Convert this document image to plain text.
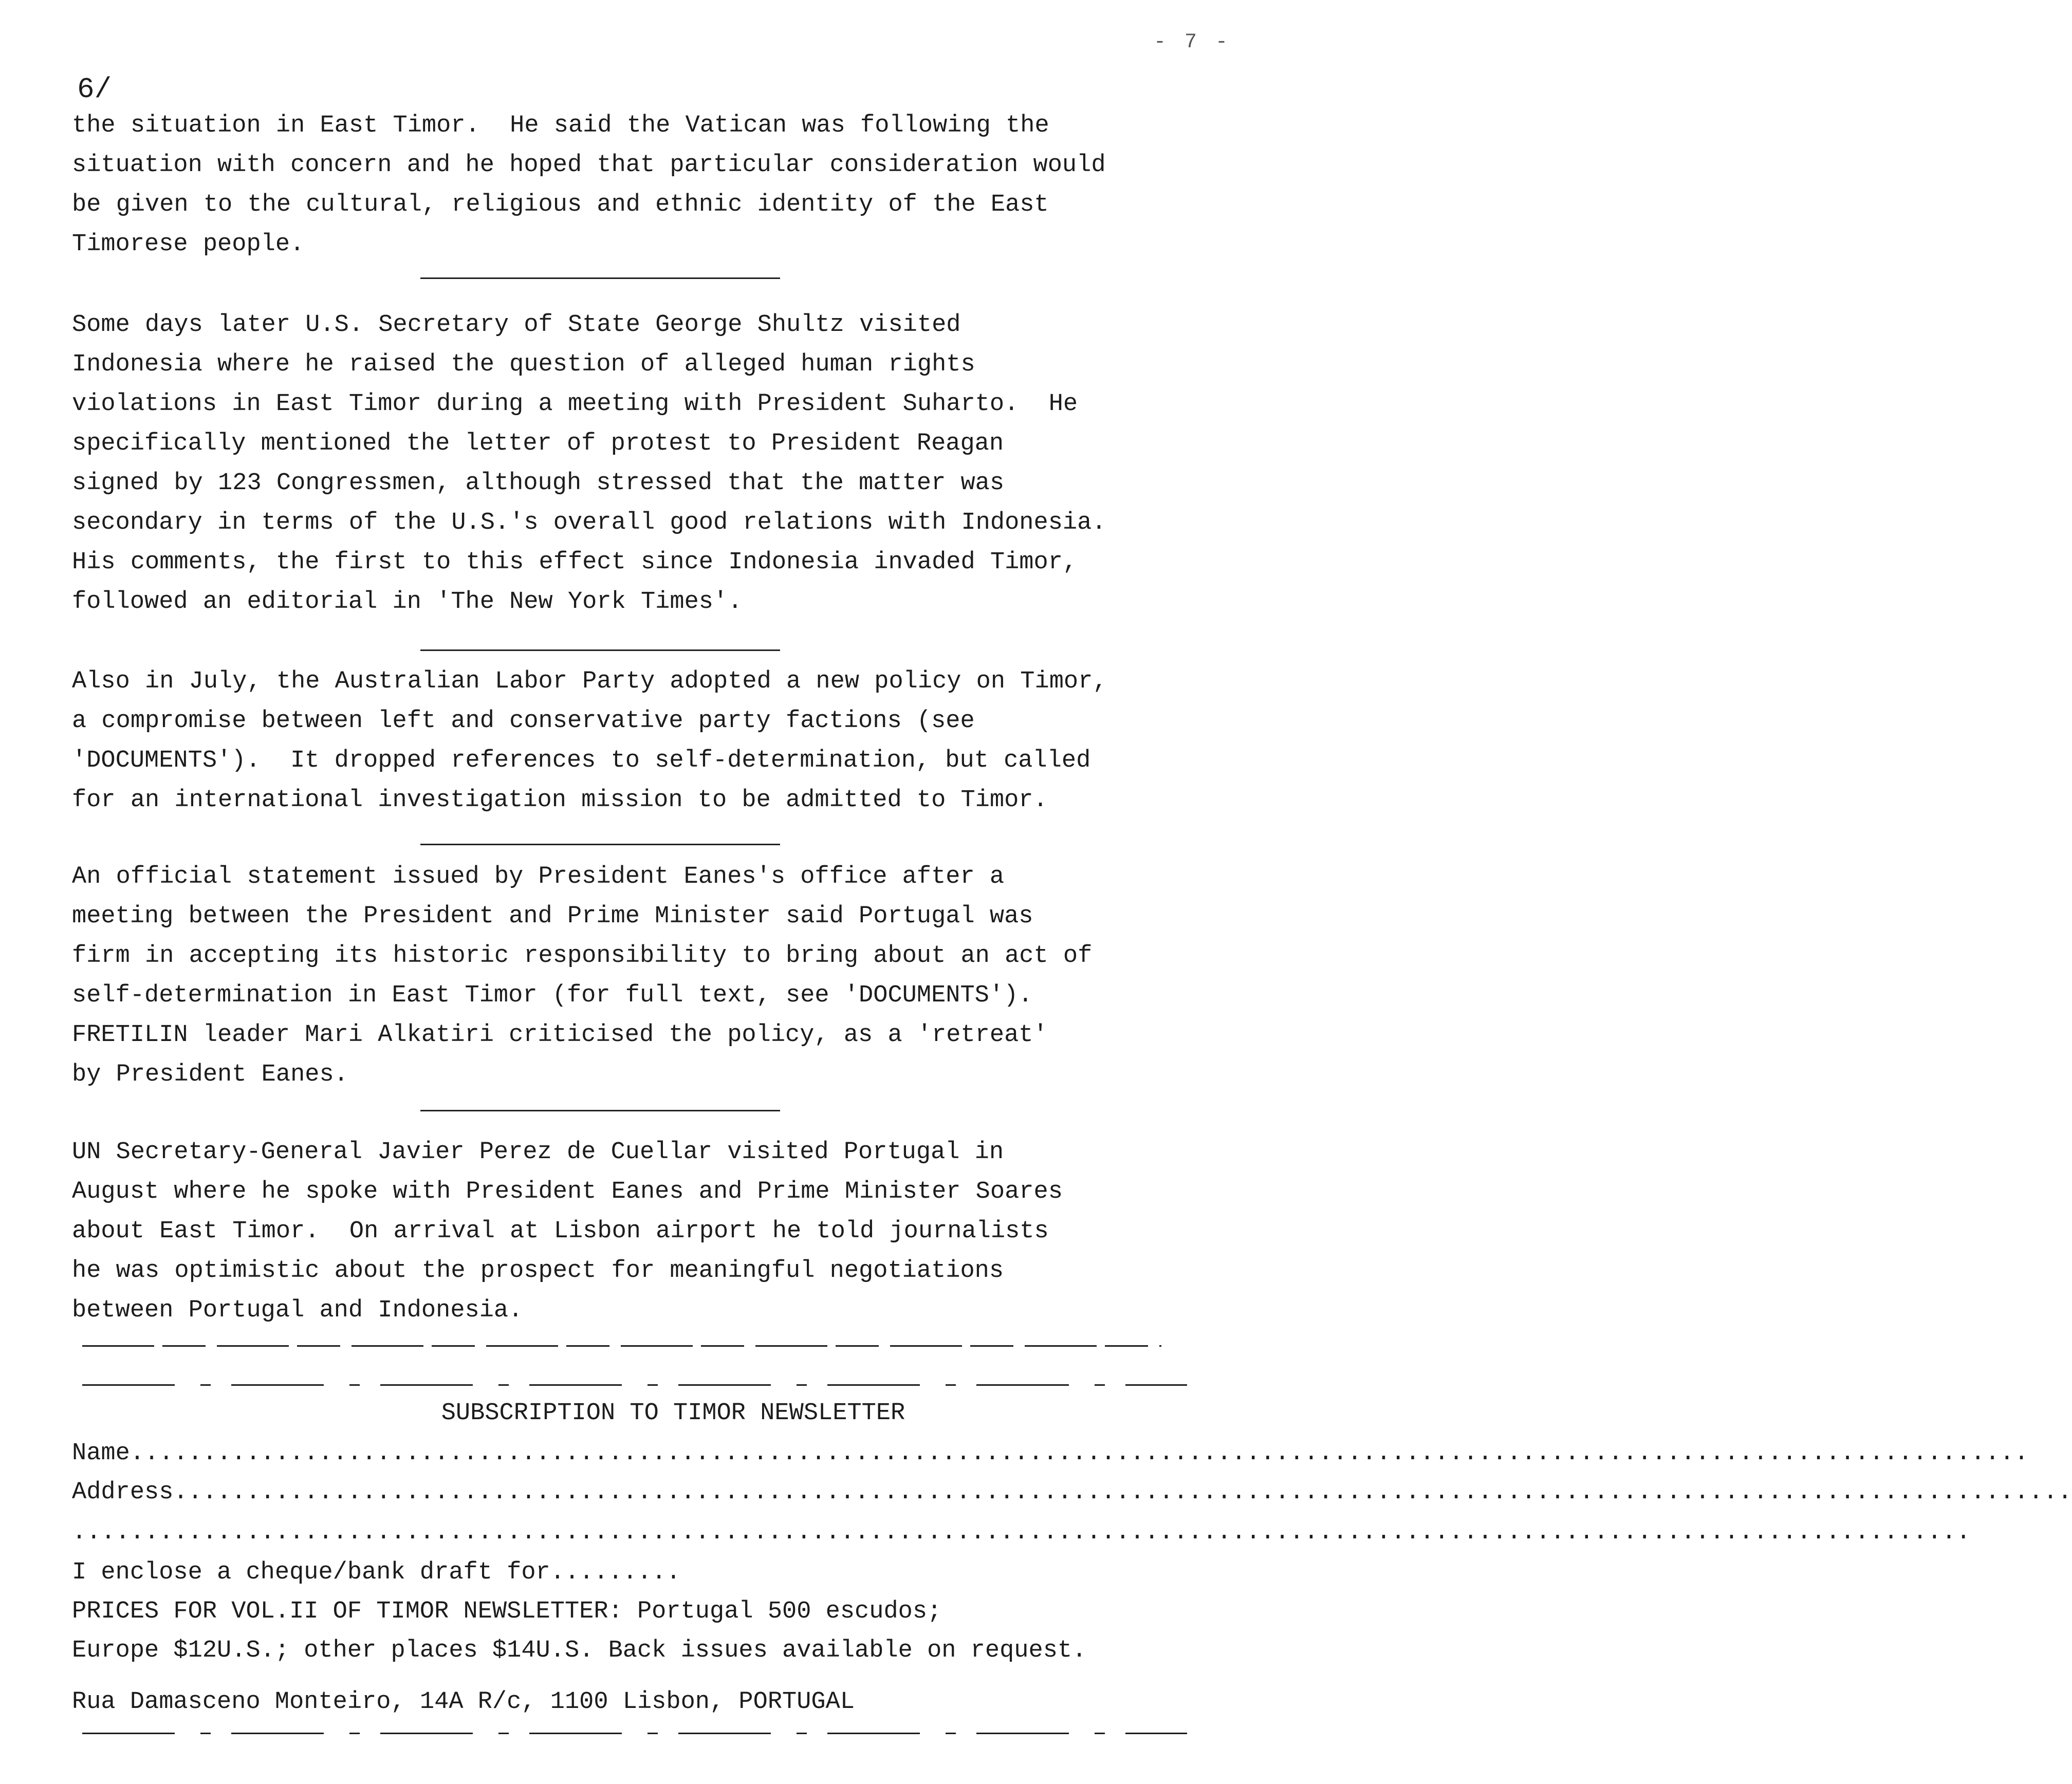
- 7 -
6/
the situation in East Timor.  He said the Vatican was following the
situation with concern and he hoped that particular consideration would
be given to the cultural, religious and ethnic identity of the East
Timorese people.
Some days later U.S. Secretary of State George Shultz visited
Indonesia where he raised the question of alleged human rights
violations in East Timor during a meeting with President Suharto.  He
specifically mentioned the letter of protest to President Reagan
signed by 123 Congressmen, although stressed that the matter was
secondary in terms of the U.S.'s overall good relations with Indonesia.
His comments, the first to this effect since Indonesia invaded Timor,
followed an editorial in 'The New York Times'.
Also in July, the Australian Labor Party adopted a new policy on Timor,
a compromise between left and conservative party factions (see
'DOCUMENTS').  It dropped references to self-determination, but called
for an international investigation mission to be admitted to Timor.
An official statement issued by President Eanes's office after a
meeting between the President and Prime Minister said Portugal was
firm in accepting its historic responsibility to bring about an act of
self-determination in East Timor (for full text, see 'DOCUMENTS').
FRETILIN leader Mari Alkatiri criticised the policy, as a 'retreat'
by President Eanes.
UN Secretary-General Javier Perez de Cuellar visited Portugal in
August where he spoke with President Eanes and Prime Minister Soares
about East Timor.  On arrival at Lisbon airport he told journalists
he was optimistic about the prospect for meaningful negotiations
between Portugal and Indonesia.
SUBSCRIPTION TO TIMOR NEWSLETTER
Name...................................................................................................................................
Address...................................................................................................................................
...................................................................................................................................
I enclose a cheque/bank draft for.........
PRICES FOR VOL.II OF TIMOR NEWSLETTER: Portugal 500 escudos;
Europe $12U.S.; other places $14U.S. Back issues available on request.
Rua Damasceno Monteiro, 14A R/c, 1100 Lisbon, PORTUGAL
